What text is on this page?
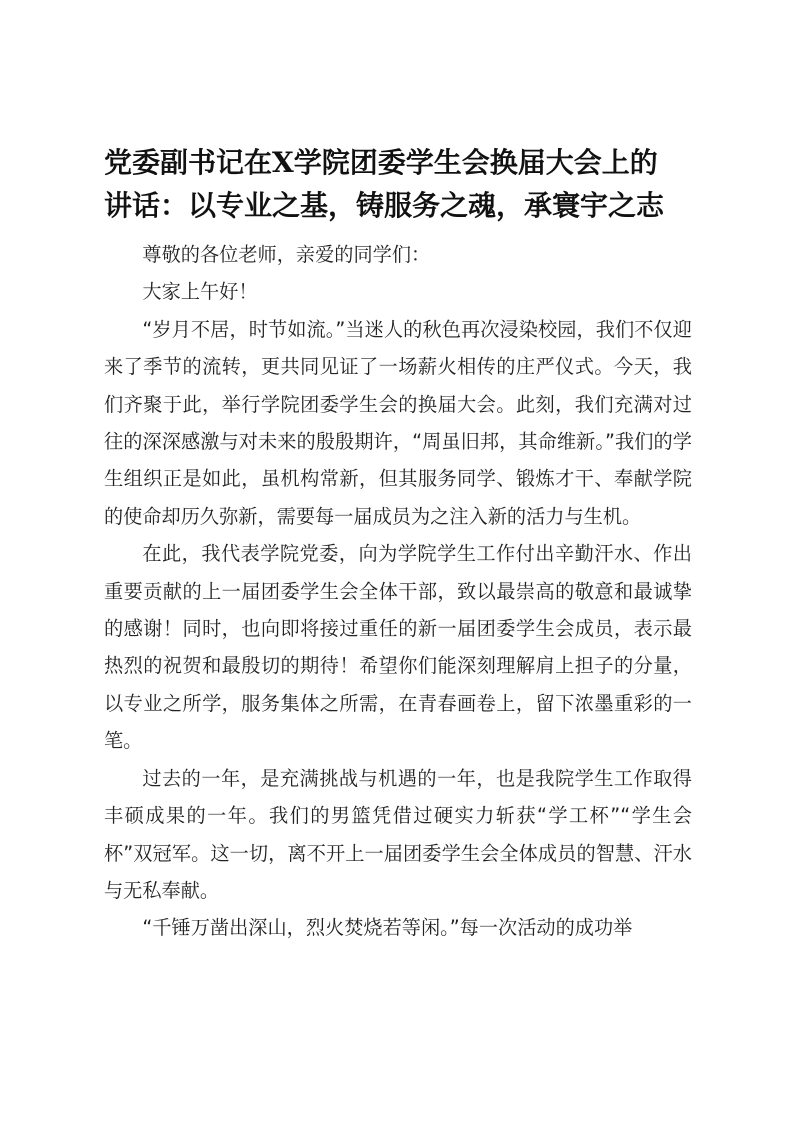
党委副书记在X学院团委学生会换届大会上的
讲话：以专业之基，铸服务之魂，承寰宇之志

尊敬的各位老师，亲爱的同学们：

大家上午好！

“岁月不居，时节如流。”当迷人的秋色再次浸染校园，我们不仅迎来了季节的流转，更共同见证了一场薪火相传的庄严仪式。今天，我们齐聚于此，举行学院团委学生会的换届大会。此刻，我们充满对过往的深深感激与对未来的殷殷期许，“周虽旧邦，其命维新。”我们的学生组织正是如此，虽机构常新，但其服务同学、锻炼才干、奉献学院的使命却历久弥新，需要每一届成员为之注入新的活力与生机。

在此，我代表学院党委，向为学院学生工作付出辛勤汗水、作出重要贡献的上一届团委学生会全体干部，致以最崇高的敬意和最诚挚的感谢！同时，也向即将接过重任的新一届团委学生会成员，表示最热烈的祝贺和最殷切的期待！希望你们能深刻理解肩上担子的分量，以专业之所学，服务集体之所需，在青春画卷上，留下浓墨重彩的一笔。

过去的一年，是充满挑战与机遇的一年，也是我院学生工作取得丰硕成果的一年。我们的男篮凭借过硬实力斩获“学工杯”“学生会杯”双冠军。这一切，离不开上一届团委学生会全体成员的智慧、汗水与无私奉献。

“千锤万凿出深山，烈火焚烧若等闲。”每一次活动的成功举
